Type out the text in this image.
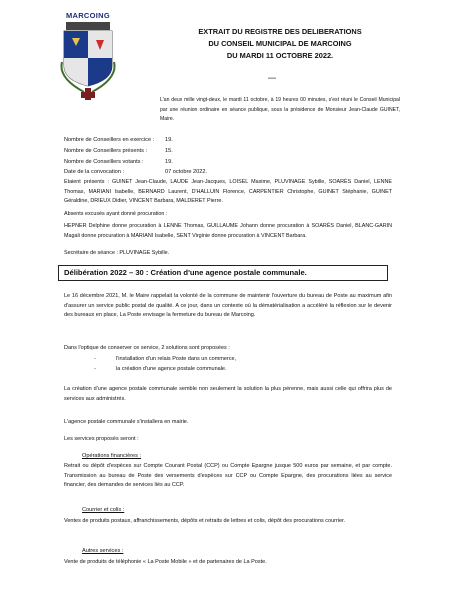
MARCOING
EXTRAIT DU REGISTRE DES DELIBERATIONS
DU CONSEIL MUNICIPAL DE MARCOING
DU MARDI 11 OCTOBRE 2022.
----
L'an deux mille vingt-deux, le mardi 11 octobre, à 19 heures 00 minutes, s'est réuni le Conseil Municipal par une réunion ordinaire en séance publique, sous la présidence de Monsieur Jean-Claude GUINET, Maire.
Nombre de Conseillers en exercice :	19.
Nombre de Conseillers présents :	15.
Nombre de Conseillers votants :	19.
Date de la convocation :	07 octobre 2022.
Etaient présents : GUINET Jean-Claude, LAUDE Jean-Jacques, LOISEL Maxime, PLUVINAGE Sybille, SOARÈS Daniel, LENNE Thomas, MARIANI Isabelle, BERNARD Laurent, D'HALLUIN Florence, CARPENTIER Christophe, GUINET Stéphanie, GUINET Géraldine, DRIEUX Didier, VINCENT Barbara, MALDERET Pierre.
Absents excusés ayant donné procuration :
HEPNER Delphine donne procuration à LENNE Thomas, GUILLAUME Johann donne procuration à SOARÈS Daniel, BLANC-GARIN Magali donne procuration à MARIANI Isabelle, SENT Virginie donne procuration à VINCENT Barbara.
Secrétaire de séance : PLUVINAGE Sybille.
Délibération 2022 – 30 : Création d'une agence postale communale.
Le 16 décembre 2021, M. le Maire rappelait la volonté de la commune de maintenir l'ouverture du bureau de Poste au maximum afin d'assurer un service public postal de qualité. A ce jour, dans un contexte où la dématérialisation a accéléré la réflexion sur le devenir des bureaux en place, La Poste envisage la fermeture du bureau de Marcoing.
Dans l'optique de conserver ce service, 2 solutions sont proposées :
-	l'installation d'un relais Poste dans un commerce,
-	la création d'une agence postale communale.
La création d'une agence postale communale semble non seulement la solution la plus pérenne, mais aussi celle qui offrira plus de services aux administrés.
L'agence postale communale s'installera en mairie.
Les services proposés seront :
Opérations financières :
Retrait ou dépôt d'espèces sur Compte Courant Postal (CCP) ou Compte Epargne jusque 500 euros par semaine, et par compte. Transmission au bureau de Poste des versements d'espèces sur CCP ou Compte Epargne, des procurations liées au service financier, des demandes de services liés au CCP.
Courrier et colis :
Ventes de produits postaux, affranchissements, dépôts et retraits de lettres et colis, dépôt des procurations courrier.
Autres services :
Vente de produits de téléphonie « La Poste Mobile » et de partenaires de La Poste.
